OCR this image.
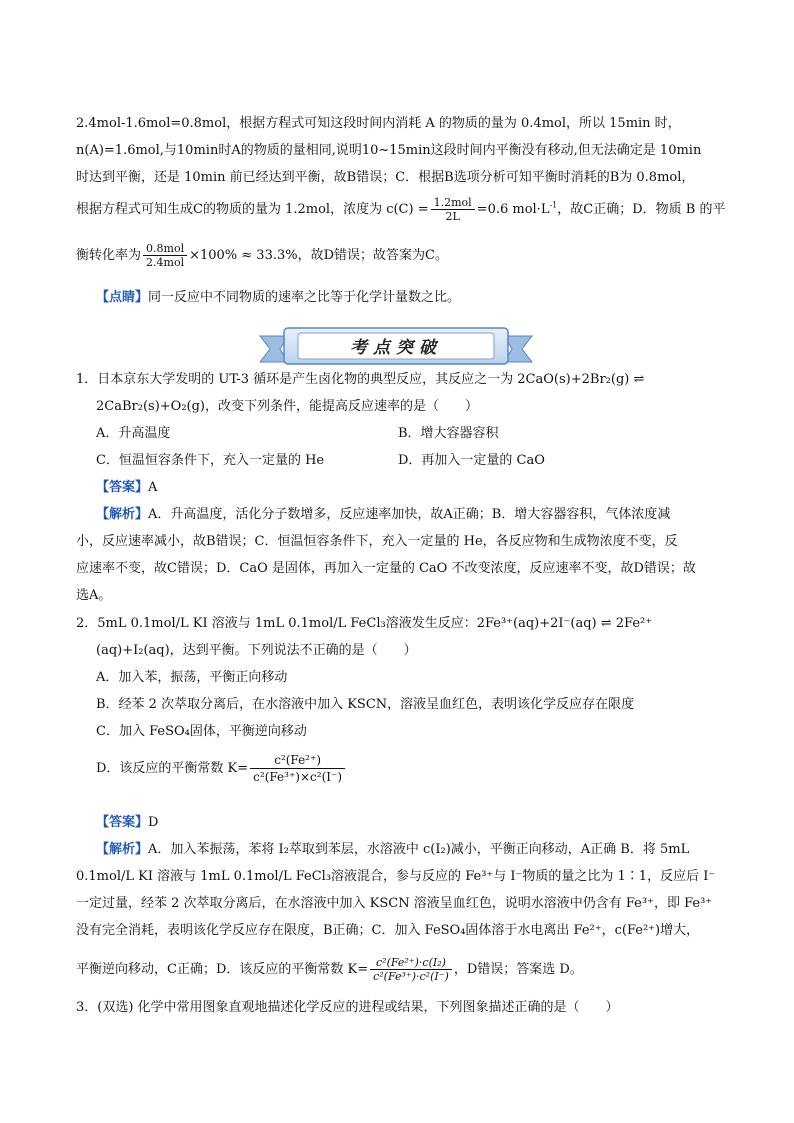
2.4mol-1.6mol=0.8mol，根据方程式可知这段时间内消耗 A 的物质的量为 0.4mol，所以 15min 时，
n(A)=1.6mol,与10min时A的物质的量相同,说明10~15min这段时间内平衡没有移动,但无法确定是 10min
时达到平衡，还是 10min 前已经达到平衡，故B错误；C．根据B选项分析可知平衡时消耗的B为 0.8mol，
根据方程式可知生成C的物质的量为 1.2mol，浓度为 $c(C) = \frac{\text{1.2mol}}{2L} =0.6$ $mol\cdot L^{-1}$，故C正确；D．物质 B 的平
衡转化率为 $\frac{\text{0.8mol}}{\text{2.4mol}} \times 100\% \approx 33.3\%$，故D错误；故答案为C。
【点睛】同一反应中不同物质的速率之比等于化学计量数之比。
考点突破
1．日本京东大学发明的 UT-3 循环是产生卤化物的典型反应，其反应之一为 2CaO(s)+2Br₂(g) ⇌
2CaBr₂(s)+O₂(g)，改变下列条件，能提高反应速率的是（　　）
A．升高温度	B．增大容器容积
C．恒温恒容条件下，充入一定量的 He	D．再加入一定量的 CaO
【答案】A
【解析】A．升高温度，活化分子数增多，反应速率加快，故A正确；B．增大容器容积，气体浓度减
小，反应速率减小，故B错误；C．恒温恒容条件下，充入一定量的 He，各反应物和生成物浓度不变，反
应速率不变，故C错误；D．CaO 是固体，再加入一定量的 CaO 不改变浓度，反应速率不变，故D错误；故
选A。
2．5mL 0.1mol/L KI 溶液与 1mL 0.1mol/L FeCl₃溶液发生反应：2Fe³⁺(aq)+2I⁻(aq) ⇌ 2Fe²⁺
(aq)+I₂(aq)，达到平衡。下列说法不正确的是（　　）
A．加入苯，振荡，平衡正向移动
B．经苯 2 次萃取分离后，在水溶液中加入 KSCN，溶液呈血红色，表明该化学反应存在限度
C．加入 FeSO₄固体，平衡逆向移动
D．该反应的平衡常数 $K= \frac{\text{c²(Fe²⁺)}}{\text{c²(Fe³⁺)×c²(I⁻)}}$
【答案】D
【解析】A．加入苯振荡，苯将 I₂萃取到苯层，水溶液中 c(I₂)减小，平衡正向移动，A正确 B．将 5mL
0.1mol/L KI 溶液与 1mL 0.1mol/L FeCl₃溶液混合，参与反应的 Fe³⁺与 I⁻物质的量之比为 1∶1，反应后 I⁻
一定过量，经苯 2 次萃取分离后，在水溶液中加入 KSCN 溶液呈血红色，说明水溶液中仍含有 Fe³⁺，即 Fe³⁺
没有完全消耗，表明该化学反应存在限度，B正确；C．加入 FeSO₄固体溶于水电离出 Fe²⁺，c(Fe²⁺)增大，
平衡逆向移动，C正确；D．该反应的平衡常数 $K= \frac{\text{c²(Fe²⁺)·c(I₂)}}{\text{c²(Fe³⁺)·c²(I⁻)}}$ ，D错误；答案选 D。
3．(双选) 化学中常用图象直观地描述化学反应的进程或结果，下列图象描述正确的是（　　）
